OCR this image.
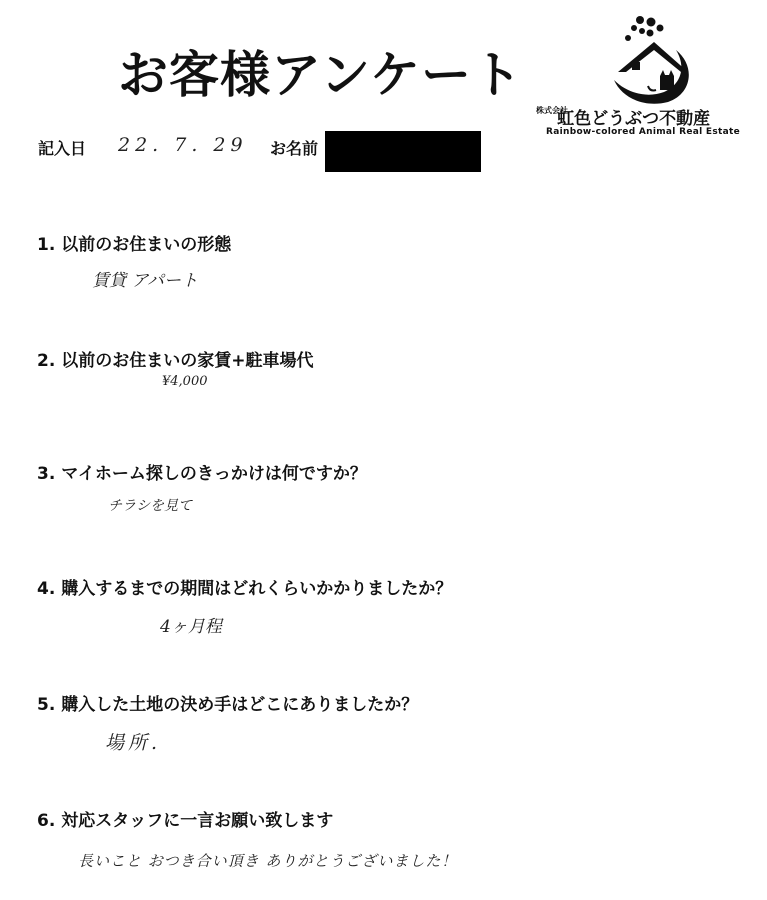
お客様アンケート
株式会社 虹色どうぶつ不動産
Rainbow-colored Animal Real Estate
記入日 22. 7. 29 お名前
1. 以前のお住まいの形態
賃貸 アパート
2. 以前のお住まいの家賃+駐車場代
¥4,000
3. マイホーム探しのきっかけは何ですか？
チラシを見て
4. 購入するまでの期間はどれくらいかかりましたか？
4ヶ月程
5. 購入した土地の決め手はどこにありましたか？
場所.
6. 対応スタッフに一言お願い致します
長いこと おつき合い頂き ありがとうございました！
